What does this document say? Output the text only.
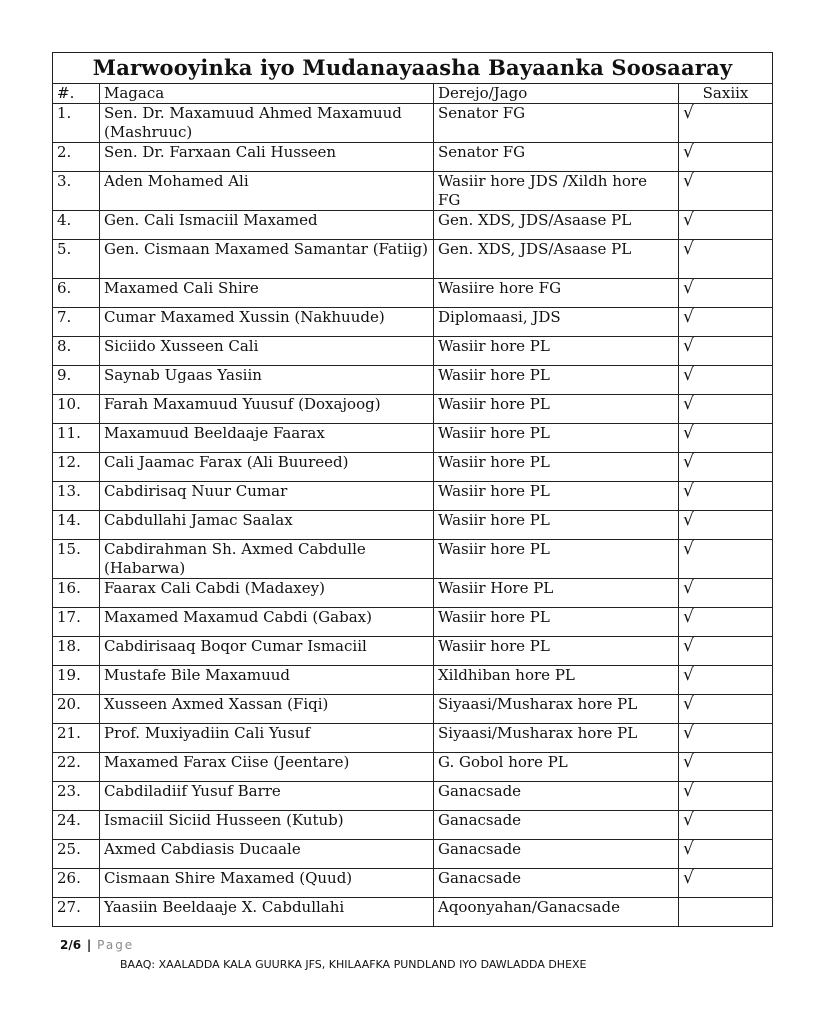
Marwooyinka iyo Mudanayaasha Bayaanka Soosaaray			
#.	Magaca	Derejo/Jago	Saxiix
1.	Sen. Dr. Maxamuud Ahmed Maxamuud (Mashruuc)	Senator FG	√
2.	Sen. Dr. Farxaan Cali Husseen	Senator FG	√
3.	Aden Mohamed Ali	Wasiir hore JDS /Xildh hore FG	√
4.	Gen. Cali Ismaciil Maxamed	Gen. XDS, JDS/Asaase PL	√
5.	Gen. Cismaan Maxamed Samantar (Fatiig)	Gen. XDS, JDS/Asaase PL	√
6.	Maxamed Cali Shire	Wasiire hore FG	√
7.	Cumar Maxamed Xussin (Nakhuude)	Diplomaasi, JDS	√
8.	Siciido Xusseen Cali	Wasiir hore PL	√
9.	Saynab Ugaas Yasiin	Wasiir hore PL	√
10.	Farah Maxamuud Yuusuf (Doxajoog)	Wasiir hore PL	√
11.	Maxamuud Beeldaaje Faarax	Wasiir hore PL	√
12.	Cali Jaamac Farax (Ali Buureed)	Wasiir hore PL	√
13.	Cabdirisaq Nuur Cumar	Wasiir hore PL	√
14.	Cabdullahi Jamac Saalax	Wasiir hore PL	√
15.	Cabdirahman Sh. Axmed Cabdulle (Habarwa)	Wasiir hore PL	√
16.	Faarax Cali Cabdi (Madaxey)	Wasiir Hore PL	√
17.	Maxamed Maxamud Cabdi (Gabax)	Wasiir hore PL	√
18.	Cabdirisaaq Boqor Cumar Ismaciil	Wasiir hore PL	√
19.	Mustafe Bile Maxamuud	Xildhiban hore PL	√
20.	Xusseen Axmed Xassan (Fiqi)	Siyaasi/Musharax hore PL	√
21.	Prof. Muxiyadiin Cali Yusuf	Siyaasi/Musharax hore PL	√
22.	Maxamed Farax Ciise (Jeentare)	G. Gobol hore PL	√
23.	Cabdiladiif Yusuf Barre	Ganacsade	√
24.	Ismaciil Siciid Husseen (Kutub)	Ganacsade	√
25.	Axmed Cabdiasis Ducaale	Ganacsade	√
26.	Cismaan Shire Maxamed (Quud)	Ganacsade	√
27.	Yaasiin Beeldaaje X. Cabdullahi	Aqoonyahan/Ganacsade	
2/6 | Page
BAAQ: XAALADDA KALA GUURKA JFS, KHILAAFKA PUNDLAND IYO DAWLADDA DHEXE
